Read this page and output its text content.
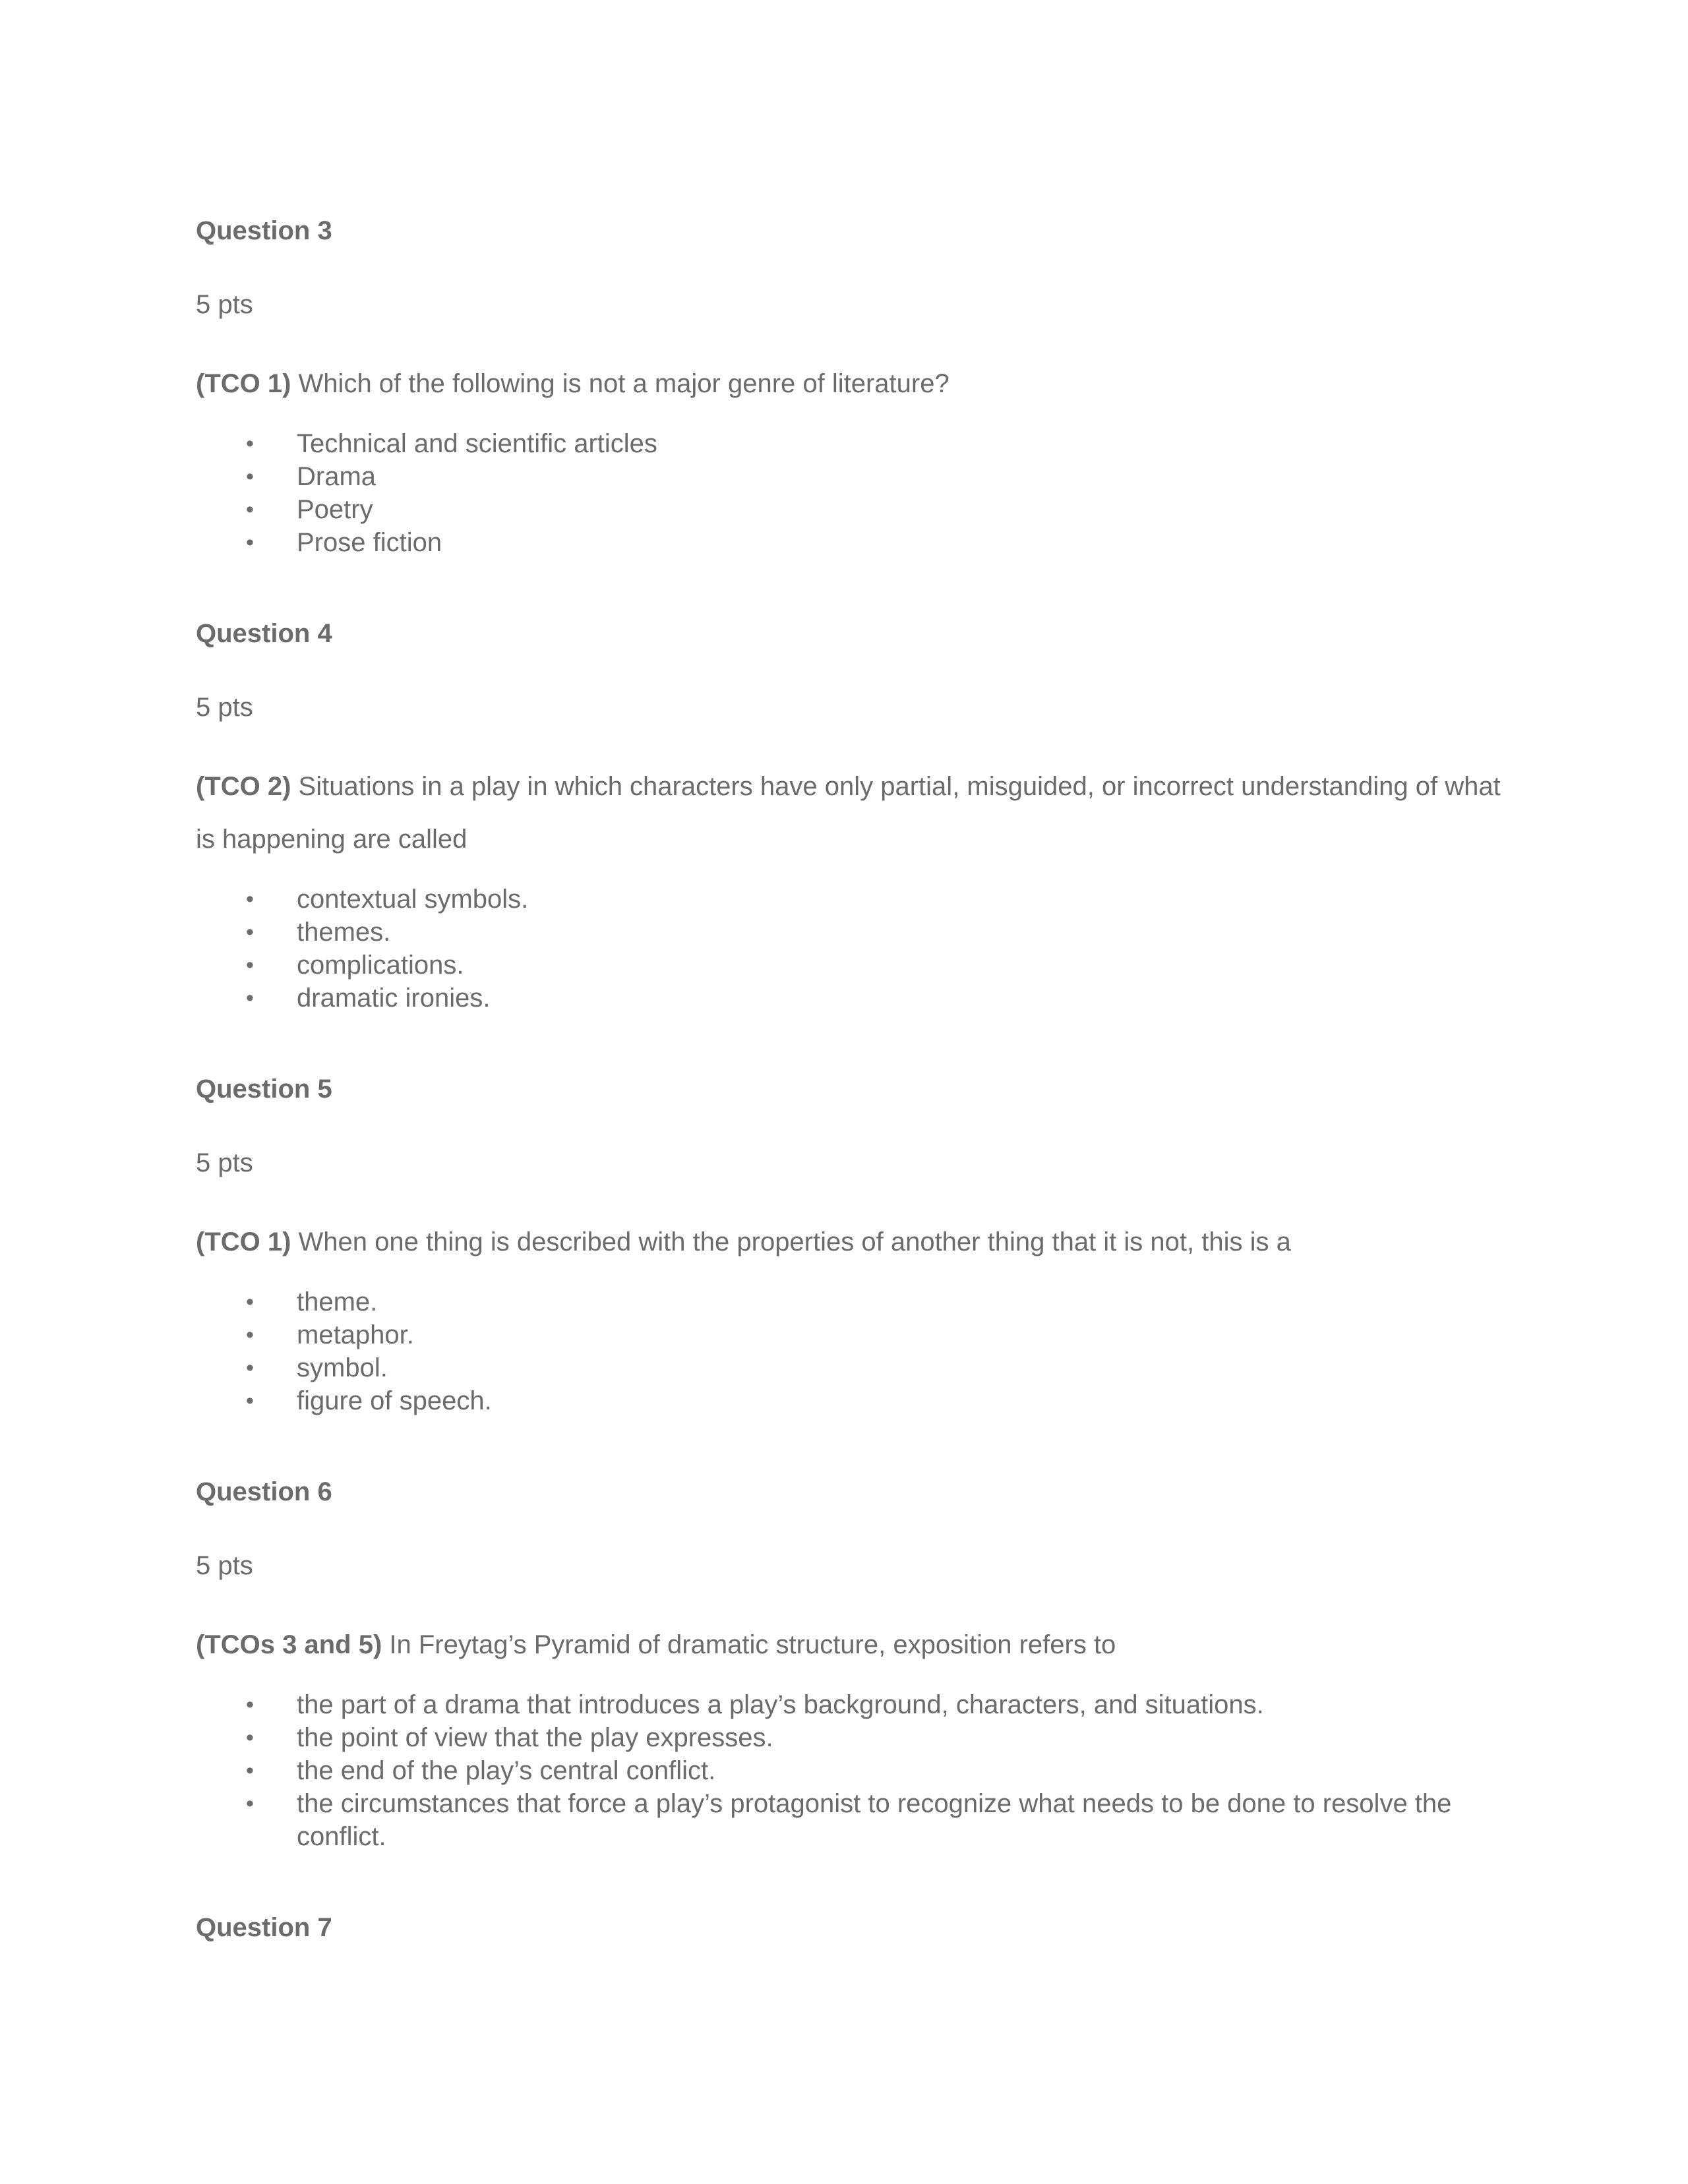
Question 3

5 pts

(TCO 1) Which of the following is not a major genre of literature?

• Technical and scientific articles
• Drama
• Poetry
• Prose fiction

Question 4

5 pts

(TCO 2) Situations in a play in which characters have only partial, misguided, or incorrect understanding of what is happening are called

• contextual symbols.
• themes.
• complications.
• dramatic ironies.

Question 5

5 pts

(TCO 1) When one thing is described with the properties of another thing that it is not, this is a

• theme.
• metaphor.
• symbol.
• figure of speech.

Question 6

5 pts

(TCOs 3 and 5) In Freytag’s Pyramid of dramatic structure, exposition refers to

• the part of a drama that introduces a play’s background, characters, and situations.
• the point of view that the play expresses.
• the end of the play’s central conflict.
• the circumstances that force a play’s protagonist to recognize what needs to be done to resolve the conflict.

Question 7
